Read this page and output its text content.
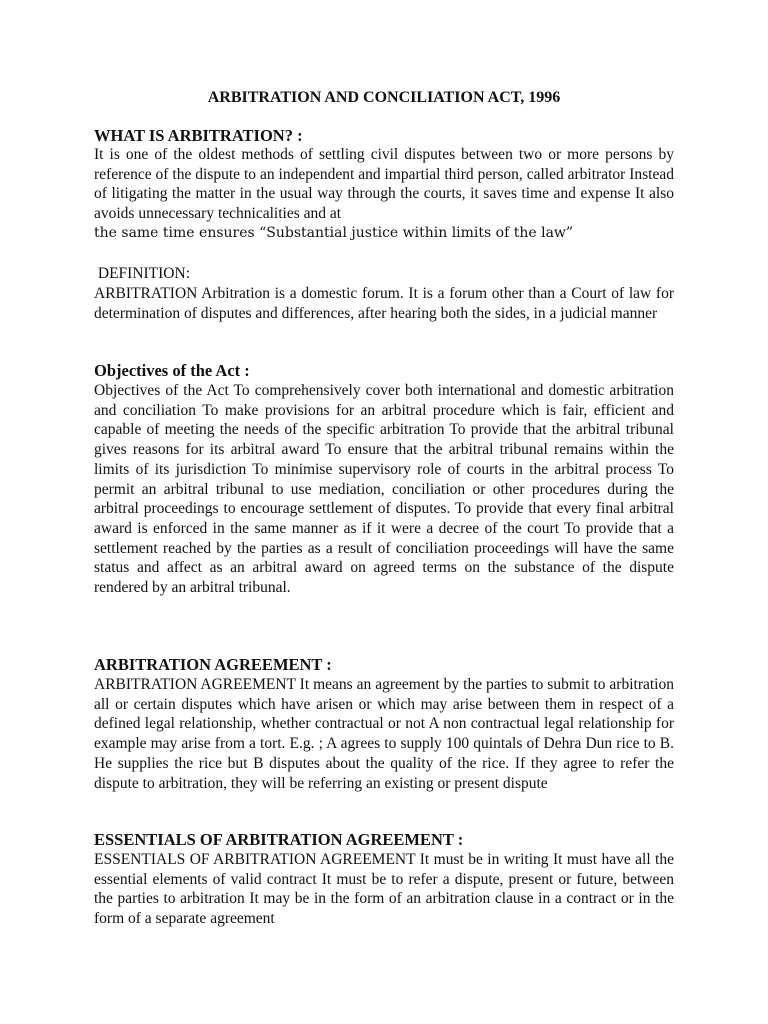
ARBITRATION AND CONCILIATION ACT, 1996
WHAT IS ARBITRATION? :

It is one of the oldest methods of settling civil disputes between two or more persons by reference of the dispute to an independent and impartial third person, called arbitrator Instead of litigating the matter in the usual way through the courts, it saves time and expense It also avoids unnecessary technicalities and at

the same time ensures “Substantial justice within limits of the law”

DEFINITION:

ARBITRATION Arbitration is a domestic forum. It is a forum other than a Court of law for determination of disputes and differences, after hearing both the sides, in a judicial manner

Objectives of the Act :

Objectives of the Act To comprehensively cover both international and domestic arbitration and conciliation To make provisions for an arbitral procedure which is fair, efficient and capable of meeting the needs of the specific arbitration To provide that the arbitral tribunal gives reasons for its arbitral award To ensure that the arbitral tribunal remains within the limits of its jurisdiction To minimise supervisory role of courts in the arbitral process To permit an arbitral tribunal to use mediation, conciliation or other procedures during the arbitral proceedings to encourage settlement of disputes. To provide that every final arbitral award is enforced in the same manner as if it were a decree of the court To provide that a settlement reached by the parties as a result of conciliation proceedings will have the same status and affect as an arbitral award on agreed terms on the substance of the dispute rendered by an arbitral tribunal.

ARBITRATION AGREEMENT :

ARBITRATION AGREEMENT It means an agreement by the parties to submit to arbitration all or certain disputes which have arisen or which may arise between them in respect of a defined legal relationship, whether contractual or not A non contractual legal relationship for example may arise from a tort. E.g. ; A agrees to supply 100 quintals of Dehra Dun rice to B. He supplies the rice but B disputes about the quality of the rice. If they agree to refer the dispute to arbitration, they will be referring an existing or present dispute

ESSENTIALS OF ARBITRATION AGREEMENT :

ESSENTIALS OF ARBITRATION AGREEMENT It must be in writing It must have all the essential elements of valid contract It must be to refer a dispute, present or future, between the parties to arbitration It may be in the form of an arbitration clause in a contract or in the form of a separate agreement
